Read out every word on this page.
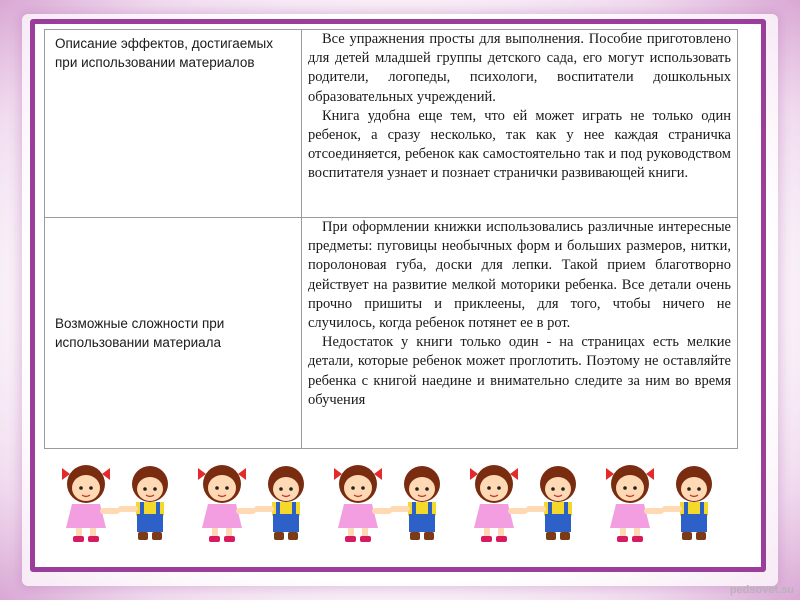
Описание эффектов, достигаемых при использовании материалов	Все упражнения просты для выполнения. Пособие приготовлено для детей младшей группы детского сада, его могут использовать родители, логопеды, психологи, воспитатели дошкольных образовательных учреждений.

Книга удобна еще тем, что ей может играть не только один ребенок, а сразу несколько, так как у нее каждая страничка отсоединяется, ребенок как самостоятельно так и под руководством воспитателя узнает и познает странички развивающей книги.

Возможные сложности при использовании материала	При оформлении книжки использовались различные интересные предметы: пуговицы необычных форм и больших размеров, нитки, поролоновая губа, доски для лепки. Такой прием благотворно действует на развитие мелкой моторики ребенка. Все детали очень прочно пришиты и приклеены, для того, чтобы ничего не случилось, когда ребенок потянет ее в рот.

Недостаток у книги только один - на страницах есть мелкие детали, которые ребенок может проглотить. Поэтому не оставляйте ребенка с книгой наедине и внимательно следите за ним во время обучения

pedsovet.su
